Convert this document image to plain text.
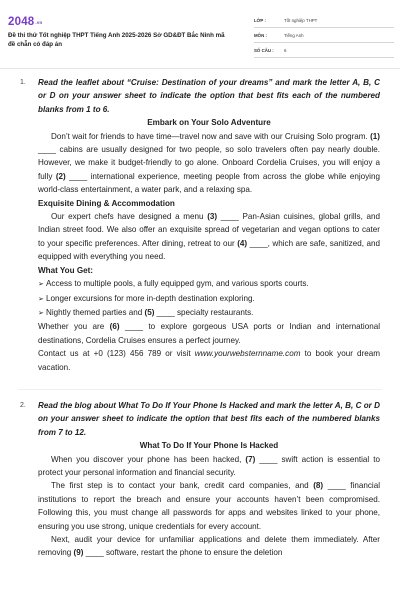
2048.vn
Đề thi thử Tốt nghiệp THPT Tiếng Anh 2025-2026 Sở GD&ĐT Bắc Ninh mã đề chẵn có đáp án
LỚP :	Tốt nghiệp THPT
MÔN :	Tiếng Anh
SỐ CÂU : 6
1. Read the leaflet about “Cruise: Destination of your dreams” and mark the letter A, B, C or D on your answer sheet to indicate the option that best fits each of the numbered blanks from 1 to 6.
Embark on Your Solo Adventure
Don’t wait for friends to have time—travel now and save with our Cruising Solo program. (1) ____ cabins are usually designed for two people, so solo travelers often pay nearly double. However, we make it budget-friendly to go alone. Onboard Cordelia Cruises, you will enjoy a fully (2) ____ international experience, meeting people from across the globe while enjoying world-class entertainment, a water park, and a relaxing spa.
Exquisite Dining & Accommodation
Our expert chefs have designed a menu (3) ____ Pan-Asian cuisines, global grills, and Indian street food. We also offer an exquisite spread of vegetarian and vegan options to cater to your specific preferences. After dining, retreat to our (4) ____, which are safe, sanitized, and equipped with everything you need.
What You Get:
➢ Access to multiple pools, a fully equipped gym, and various sports courts.
➢ Longer excursions for more in-depth destination exploring.
➢ Nightly themed parties and (5) ____ specialty restaurants.
Whether you are (6) ____ to explore gorgeous USA ports or Indian and international destinations, Cordelia Cruises ensures a perfect journey.
Contact us at +0 (123) 456 789 or visit www.yourwebsternname.com to book your dream vacation.
2. Read the blog about What To Do If Your Phone Is Hacked and mark the letter A, B, C or D on your answer sheet to indicate the option that best fits each of the numbered blanks from 7 to 12.
What To Do If Your Phone Is Hacked
When you discover your phone has been hacked, (7) ____ swift action is essential to protect your personal information and financial security.
The first step is to contact your bank, credit card companies, and (8) ____ financial institutions to report the breach and ensure your accounts haven’t been compromised. Following this, you must change all passwords for apps and websites linked to your phone, ensuring you use strong, unique credentials for every account.
Next, audit your device for unfamiliar applications and delete them immediately. After removing (9) ____ software, restart the phone to ensure the deletion
